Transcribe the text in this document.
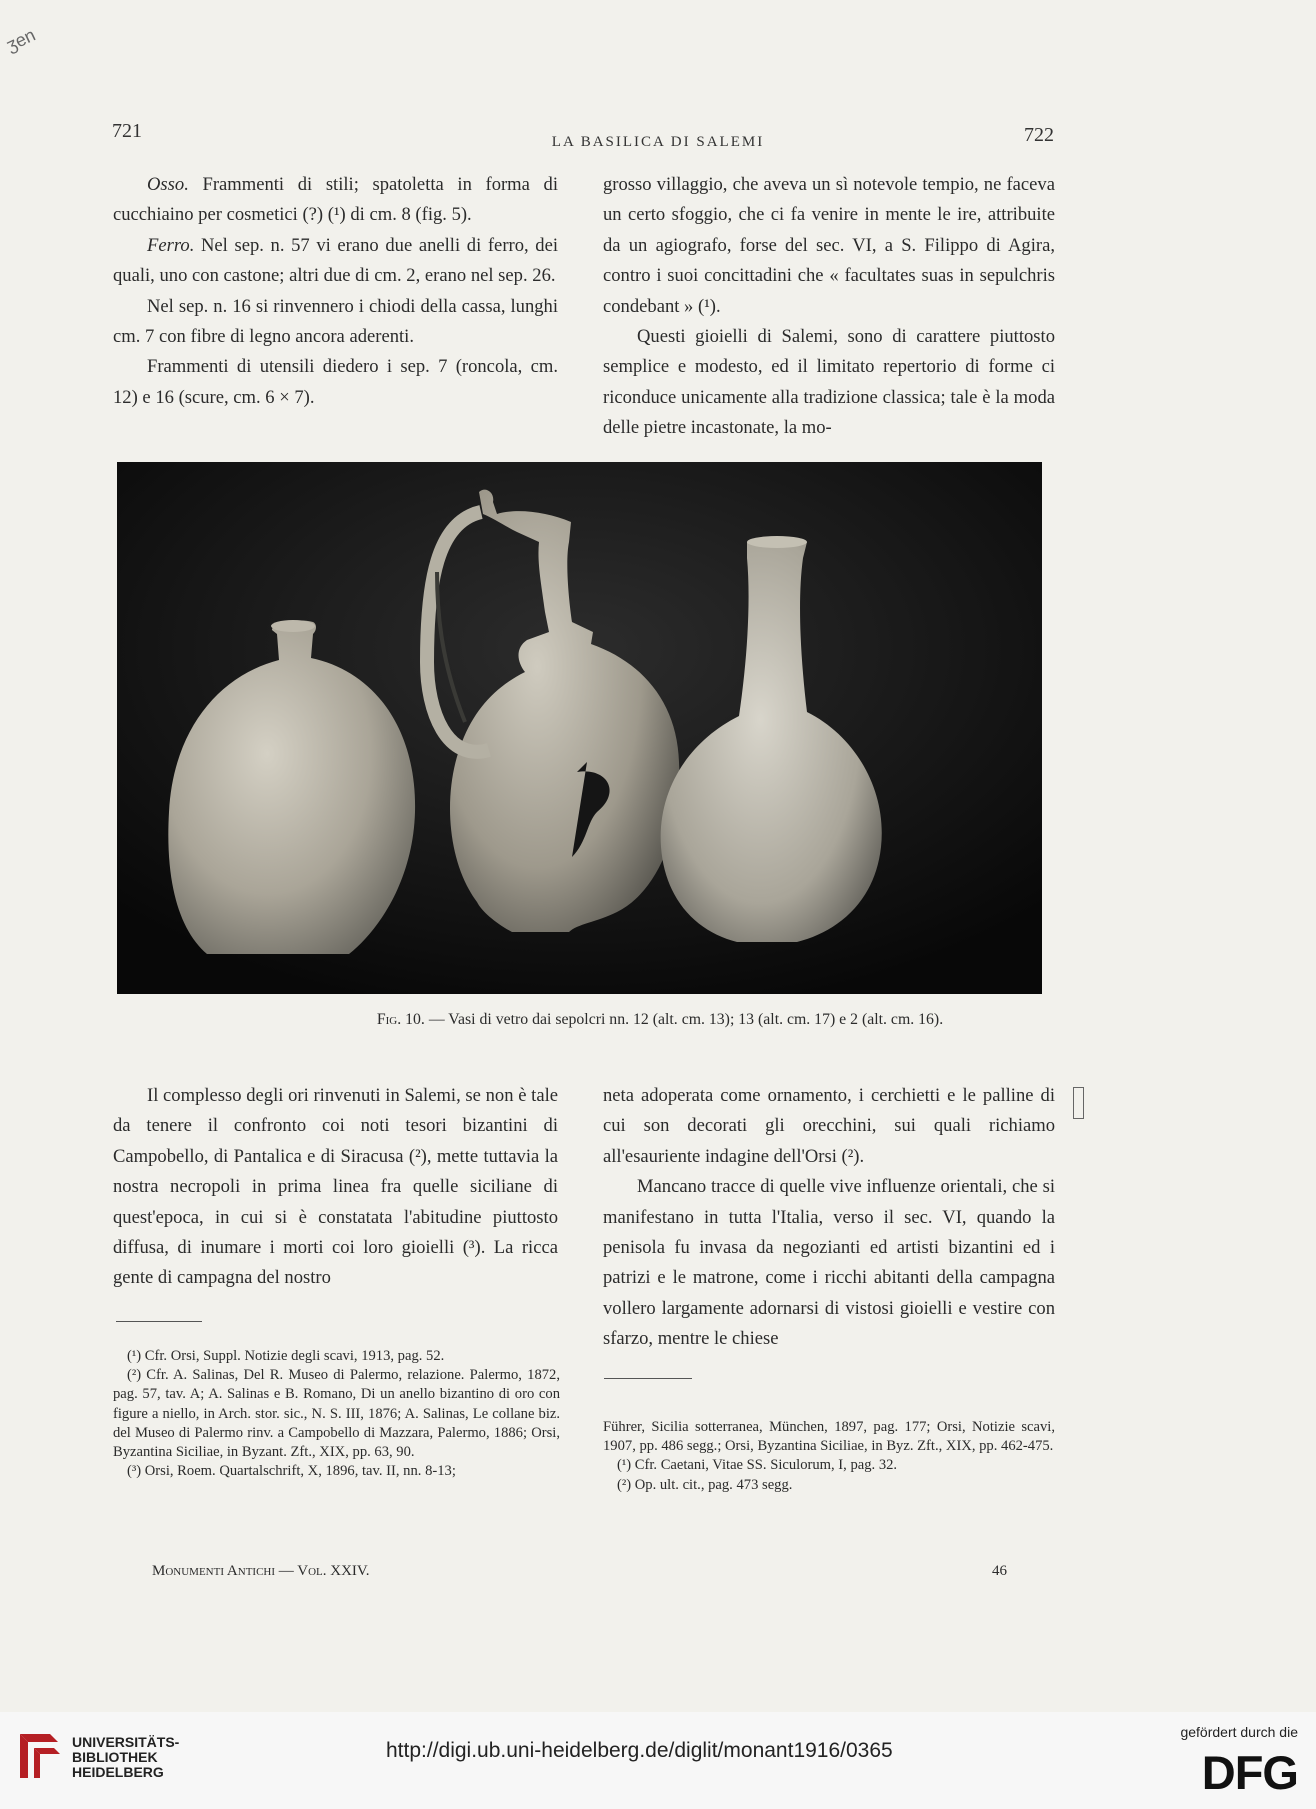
ʒen
721	LA BASILICA DI SALEMI	722

Osso. Frammenti di stili; spatoletta in forma di cucchiaino per cosmetici (?) (¹) di cm. 8 (fig. 5).

Ferro. Nel sep. n. 57 vi erano due anelli di ferro, dei quali, uno con castone; altri due di cm. 2, erano nel sep. 26.

Nel sep. n. 16 si rinvennero i chiodi della cassa, lunghi cm. 7 con fibre di legno ancora aderenti.

Frammenti di utensili diedero i sep. 7 (roncola, cm. 12) e 16 (scure, cm. 6 × 7).

grosso villaggio, che aveva un sì notevole tempio, ne faceva un certo sfoggio, che ci fa venire in mente le ire, attribuite da un agiografo, forse del sec. VI, a S. Filippo di Agira, contro i suoi concittadini che « facultates suas in sepulchris condebant » (¹).

Questi gioielli di Salemi, sono di carattere piuttosto semplice e modesto, ed il limitato repertorio di forme ci riconduce unicamente alla tradizione classica; tale è la moda delle pietre incastonate, la mo-

Fig. 10. — Vasi di vetro dai sepolcri nn. 12 (alt. cm. 13); 13 (alt. cm. 17) e 2 (alt. cm. 16).

Il complesso degli ori rinvenuti in Salemi, se non è tale da tenere il confronto coi noti tesori bizantini di Campobello, di Pantalica e di Siracusa (²), mette tuttavia la nostra necropoli in prima linea fra quelle siciliane di quest'epoca, in cui si è constatata l'abitudine piuttosto diffusa, di inumare i morti coi loro gioielli (³). La ricca gente di campagna del nostro

neta adoperata come ornamento, i cerchietti e le palline di cui son decorati gli orecchini, sui quali richiamo all'esauriente indagine dell'Orsi (²).

Mancano tracce di quelle vive influenze orientali, che si manifestano in tutta l'Italia, verso il sec. VI, quando la penisola fu invasa da negozianti ed artisti bizantini ed i patrizi e le matrone, come i ricchi abitanti della campagna vollero largamente adornarsi di vistosi gioielli e vestire con sfarzo, mentre le chiese

(¹) Cfr. Orsi, Suppl. Notizie degli scavi, 1913, pag. 52.

(²) Cfr. A. Salinas, Del R. Museo di Palermo, relazione. Palermo, 1872, pag. 57, tav. A; A. Salinas e B. Romano, Di un anello bizantino di oro con figure a niello, in Arch. stor. sic., N. S. III, 1876; A. Salinas, Le collane biz. del Museo di Palermo rinv. a Campobello di Mazzara, Palermo, 1886; Orsi, Byzantina Siciliae, in Byzant. Zft., XIX, pp. 63, 90.

(³) Orsi, Roem. Quartalschrift, X, 1896, tav. II, nn. 8-13;

Führer, Sicilia sotterranea, München, 1897, pag. 177; Orsi, Notizie scavi, 1907, pp. 486 segg.; Orsi, Byzantina Siciliae, in Byz. Zft., XIX, pp. 462-475.

(¹) Cfr. Caetani, Vitae SS. Siculorum, I, pag. 32.

(²) Op. ult. cit., pag. 473 segg.

Monumenti Antichi — Vol. XXIV.	46
UNIVERSITÄTS-
BIBLIOTHEK
HEIDELBERG
http://digi.ub.uni-heidelberg.de/diglit/monant1916/0365
gefördert durch die
DFG
